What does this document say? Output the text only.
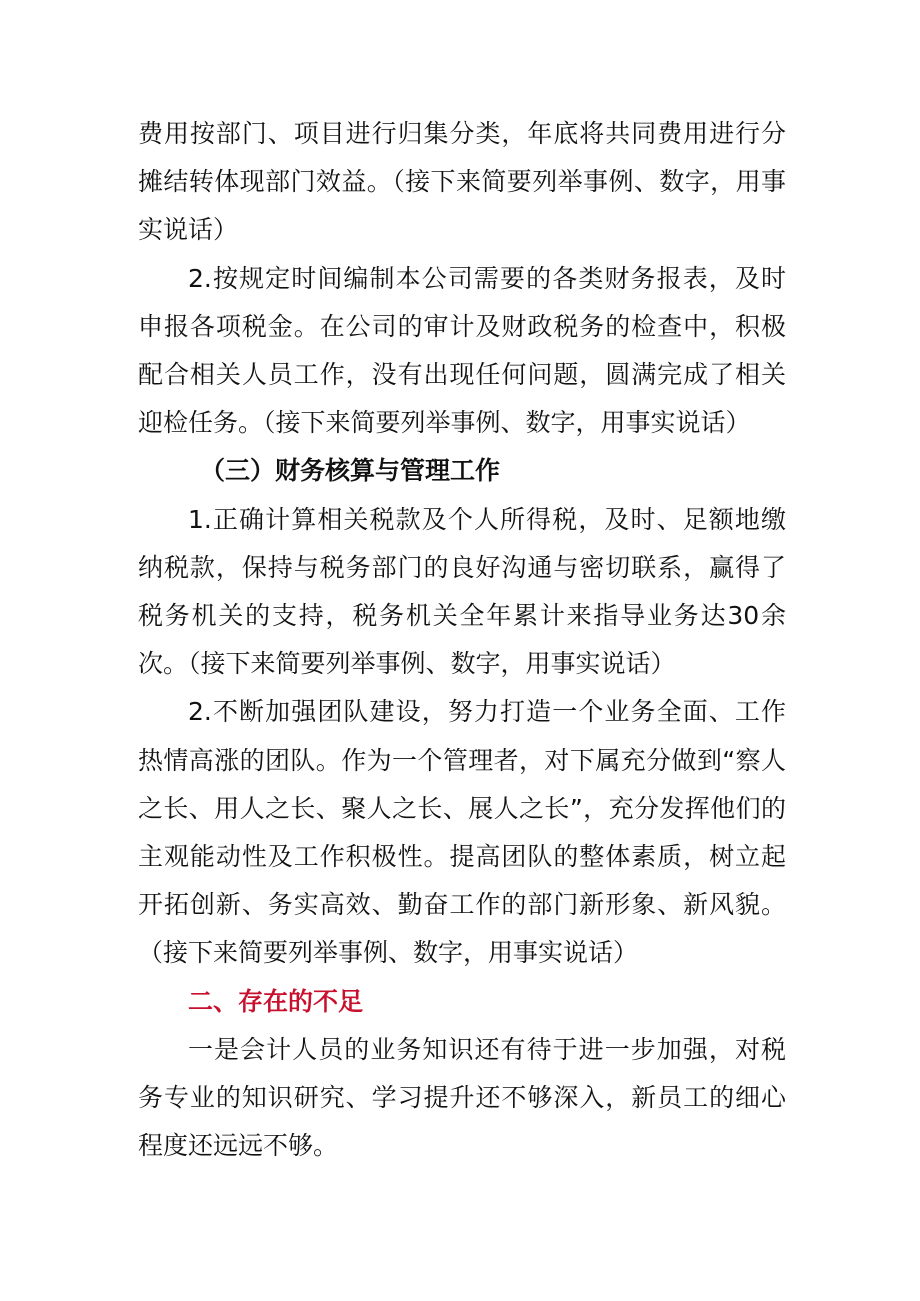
费用按部门、项目进行归集分类，年底将共同费用进行分摊结转体现部门效益。（接下来简要列举事例、数字，用事实说话）

2.按规定时间编制本公司需要的各类财务报表，及时申报各项税金。在公司的审计及财政税务的检查中，积极配合相关人员工作，没有出现任何问题，圆满完成了相关迎检任务。（接下来简要列举事例、数字，用事实说话）

（三）财务核算与管理工作

1.正确计算相关税款及个人所得税，及时、足额地缴纳税款，保持与税务部门的良好沟通与密切联系，赢得了税务机关的支持，税务机关全年累计来指导业务达30余次。（接下来简要列举事例、数字，用事实说话）

2.不断加强团队建设，努力打造一个业务全面、工作热情高涨的团队。作为一个管理者，对下属充分做到“察人之长、用人之长、聚人之长、展人之长”，充分发挥他们的主观能动性及工作积极性。提高团队的整体素质，树立起开拓创新、务实高效、勤奋工作的部门新形象、新风貌。（接下来简要列举事例、数字，用事实说话）

二、存在的不足

一是会计人员的业务知识还有待于进一步加强，对税务专业的知识研究、学习提升还不够深入，新员工的细心程度还远远不够。
